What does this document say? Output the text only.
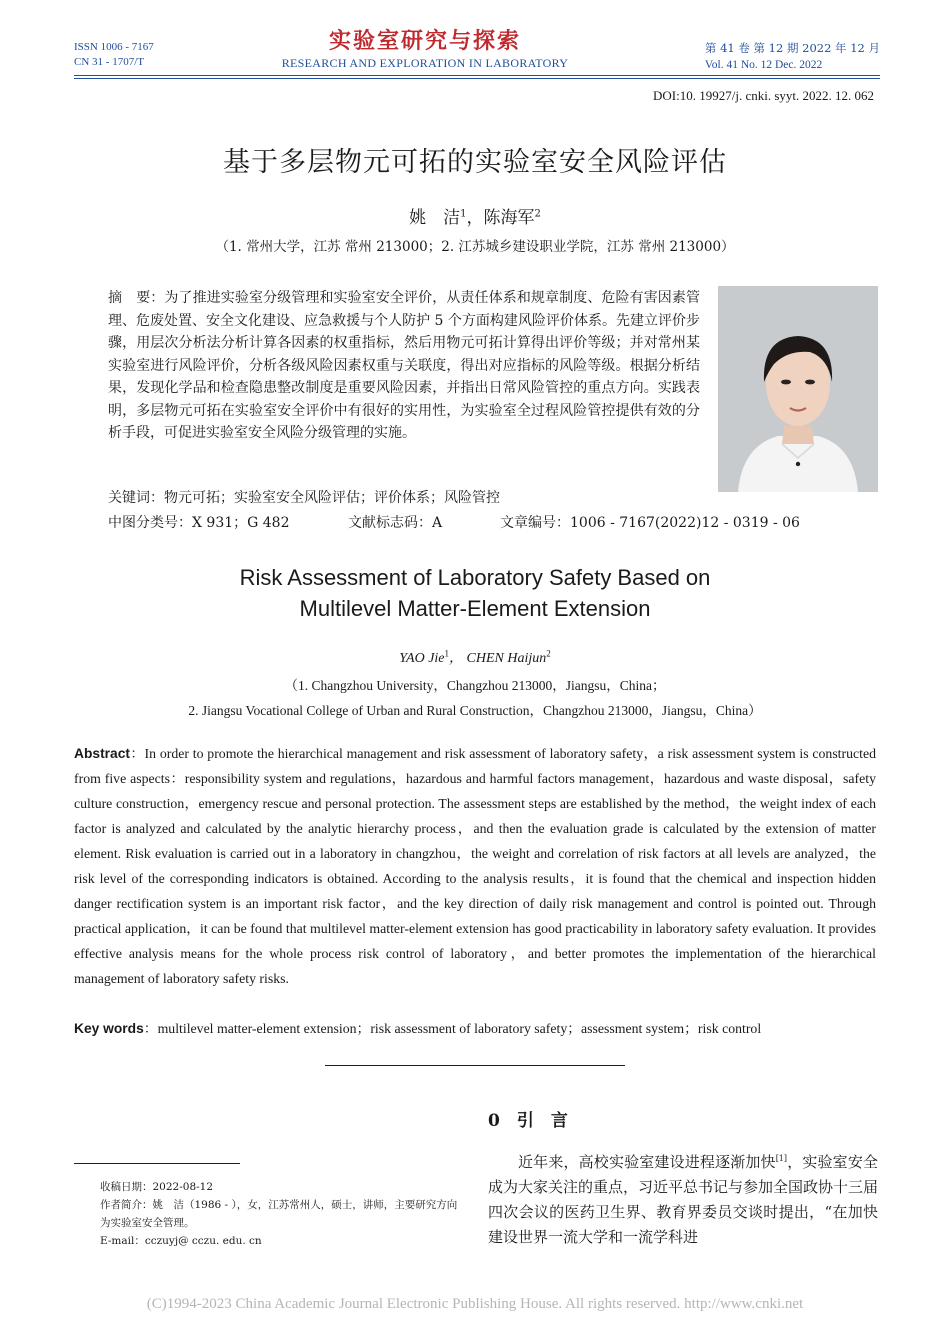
ISSN 1006 - 7167
CN 31 - 1707/T
实验室研究与探索
RESEARCH AND EXPLORATION IN LABORATORY
第 41 卷 第 12 期 2022 年 12 月
Vol. 41 No. 12 Dec. 2022
DOI:10. 19927/j. cnki. syyt. 2022. 12. 062
基于多层物元可拓的实验室安全风险评估
姚　洁$^1$，陈海军$^2$
（1. 常州大学，江苏 常州 213000；2. 江苏城乡建设职业学院，江苏 常州 213000）
摘　要：为了推进实验室分级管理和实验室安全评价，从责任体系和规章制度、危险有害因素管理、危废处置、安全文化建设、应急救援与个人防护 5 个方面构建风险评价体系。先建立评价步骤，用层次分析法分析计算各因素的权重指标，然后用物元可拓计算得出评价等级；并对常州某实验室进行风险评价，分析各级风险因素权重与关联度，得出对应指标的风险等级。根据分析结果，发现化学品和检查隐患整改制度是重要风险因素，并指出日常风险管控的重点方向。实践表明，多层物元可拓在实验室安全评价中有很好的实用性，为实验室全过程风险管控提供有效的分析手段，可促进实验室安全风险分级管理的实施。
关键词：物元可拓；实验室安全风险评估；评价体系；风险管控
中图分类号：X 931；G 482	文献标志码：A	文章编号：1006 - 7167(2022)12 - 0319 - 06
Risk Assessment of Laboratory Safety Based on
Multilevel Matter-Element Extension
YAO Jie$^1$， CHEN Haijun$^2$
（1. Changzhou University，Changzhou 213000，Jiangsu，China；
2. Jiangsu Vocational College of Urban and Rural Construction，Changzhou 213000，Jiangsu，China）
Abstract：In order to promote the hierarchical management and risk assessment of laboratory safety，a risk assessment system is constructed from five aspects：responsibility system and regulations，hazardous and harmful factors management，hazardous and waste disposal，safety culture construction，emergency rescue and personal protection. The assessment steps are established by the method，the weight index of each factor is analyzed and calculated by the analytic hierarchy process，and then the evaluation grade is calculated by the extension of matter element. Risk evaluation is carried out in a laboratory in changzhou，the weight and correlation of risk factors at all levels are analyzed，the risk level of the corresponding indicators is obtained. According to the analysis results，it is found that the chemical and inspection hidden danger rectification system is an important risk factor，and the key direction of daily risk management and control is pointed out. Through practical application，it can be found that multilevel matter-element extension has good practicability in laboratory safety evaluation. It provides effective analysis means for the whole process risk control of laboratory，and better promotes the implementation of the hierarchical management of laboratory safety risks.
Key words：multilevel matter-element extension；risk assessment of laboratory safety；assessment system；risk control
收稿日期：2022-08-12
作者简介：姚　洁（1986 - ），女，江苏常州人，硕士，讲师，主要研究方向为实验室安全管理。
E-mail：cczuyj@ cczu. edu. cn
0　引　言
近年来，高校实验室建设进程逐渐加快[1]，实验室安全成为大家关注的重点，习近平总书记与参加全国政协十三届四次会议的医药卫生界、教育界委员交谈时提出，“在加快建设世界一流大学和一流学科进
(C)1994-2023 China Academic Journal Electronic Publishing House. All rights reserved. http://www.cnki.net
